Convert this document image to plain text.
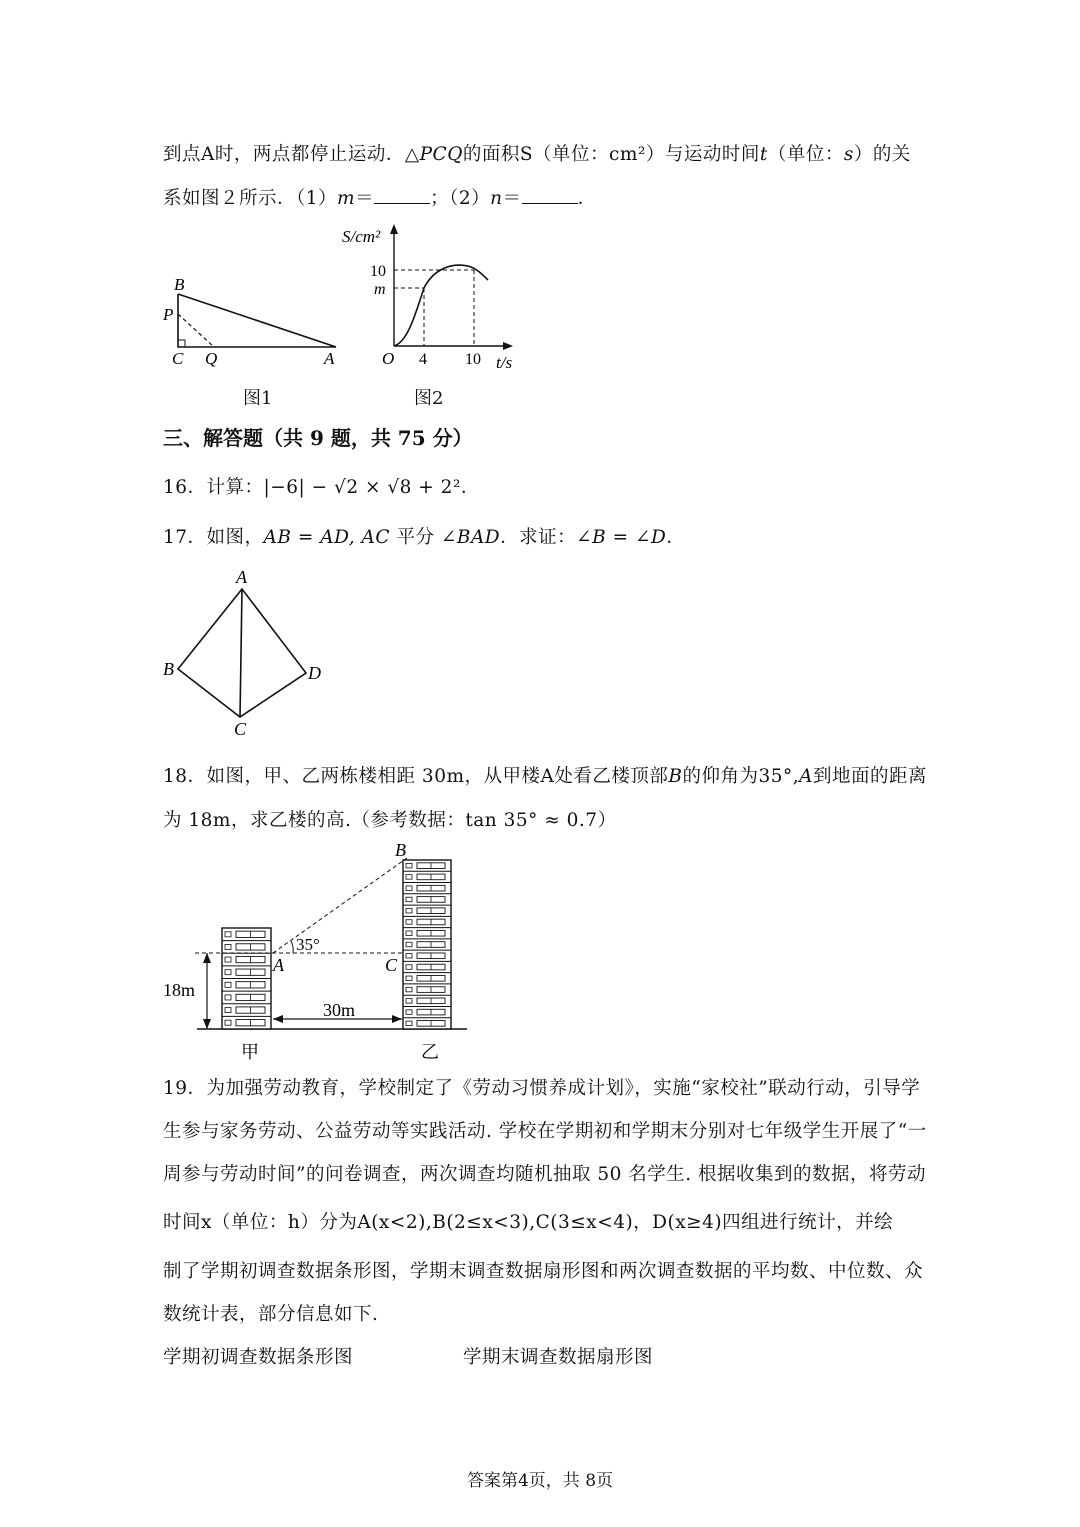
到点A时，两点都停止运动．△PCQ的面积S（单位：cm²）与运动时间t（单位：s）的关
系如图２所示．（1）m＝	；（2）n＝	．
B
P
C Q	A
图1
S/cm²
10
m
O 4 10 t/s
图2
三、解答题（共 9 题，共 75 分）
16．计算：|−6| − √2 × √8 + 2²．
17．如图，AB = AD, AC 平分 ∠BAD．求证：∠B = ∠D．
A
B
C
D
18．如图，甲、乙两栋楼相距 30m，从甲楼A处看乙楼顶部B的仰角为35°,A到地面的距离
为 18m，求乙楼的高.（参考数据：tan 35° ≈ 0.7）
B
A	C
35°
18m
30m
甲	乙
19．为加强劳动教育，学校制定了《劳动习惯养成计划》，实施“家校社”联动行动，引导学
生参与家务劳动、公益劳动等实践活动. 学校在学期初和学期末分别对七年级学生开展了“一
周参与劳动时间”的问卷调查，两次调查均随机抽取 50 名学生. 根据收集到的数据，将劳动
时间x（单位：h）分为A(x<2),B(2≤x<3),C(3≤x<4)，D(x≥4)四组进行统计，并绘
制了学期初调查数据条形图，学期末调查数据扇形图和两次调查数据的平均数、中位数、众
数统计表，部分信息如下.
学期初调查数据条形图	学期末调查数据扇形图
答案第4页，共 8页
